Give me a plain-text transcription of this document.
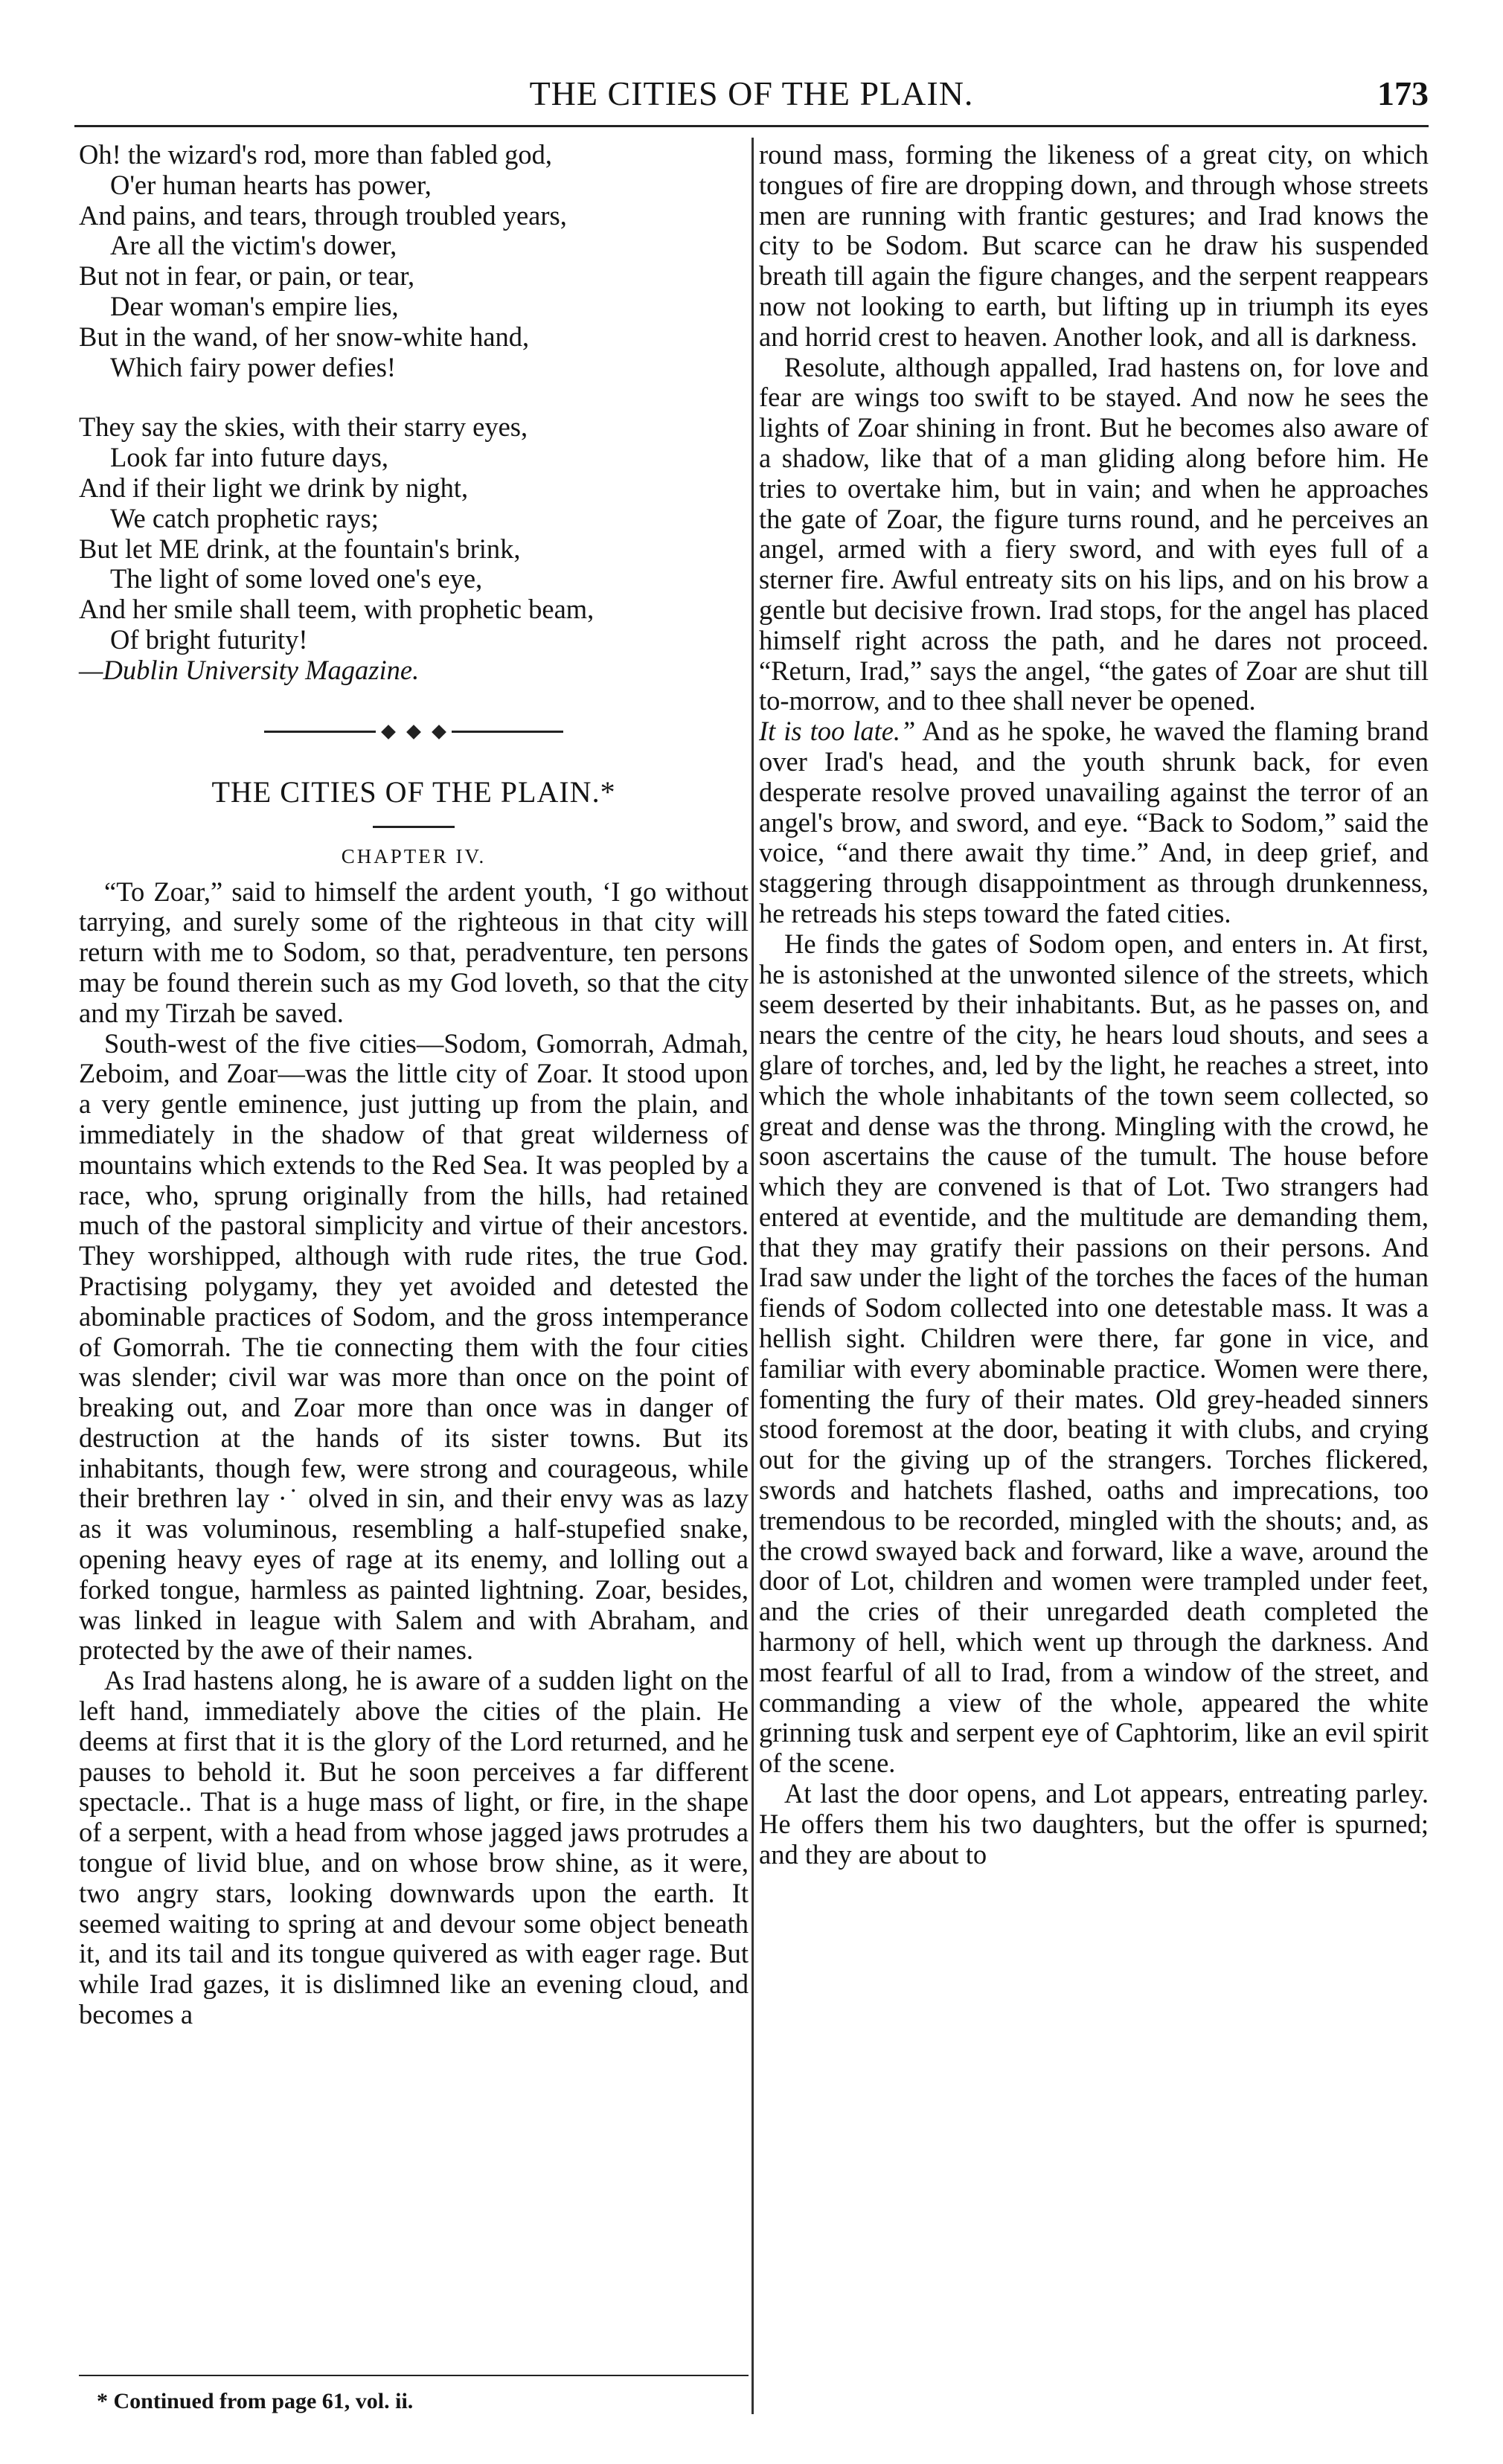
THE CITIES OF THE PLAIN.	173
Oh! the wizard's rod, more than fabled god,
O'er human hearts has power,
And pains, and tears, through troubled years,
Are all the victim's dower,
But not in fear, or pain, or tear,
Dear woman's empire lies,
But in the wand, of her snow-white hand,
Which fairy power defies!
They say the skies, with their starry eyes,
Look far into future days,
And if their light we drink by night,
We catch prophetic rays;
But let ME drink, at the fountain's brink,
The light of some loved one's eye,
And her smile shall teem, with prophetic beam,
Of bright futurity!
—Dublin University Magazine.
THE CITIES OF THE PLAIN.*
CHAPTER IV.

“To Zoar,” said to himself the ardent youth, ‘I go without tarrying, and surely some of the righteous in that city will return with me to Sodom, so that, peradventure, ten persons may be found therein such as my God loveth, so that the city and my Tirzah be saved.

South-west of the five cities—Sodom, Gomorrah, Admah, Zeboim, and Zoar—was the little city of Zoar. It stood upon a very gentle eminence, just jutting up from the plain, and immediately in the shadow of that great wilderness of mountains which extends to the Red Sea. It was peopled by a race, who, sprung originally from the hills, had retained much of the pastoral simplicity and virtue of their ancestors. They worshipped, although with rude rites, the true God. Practising polygamy, they yet avoided and detested the abominable practices of Sodom, and the gross intemperance of Gomorrah. The tie connecting them with the four cities was slender; civil war was more than once on the point of breaking out, and Zoar more than once was in danger of destruction at the hands of its sister towns. But its inhabitants, though few, were strong and courageous, while their brethren lay ·˙ olved in sin, and their envy was as lazy as it was voluminous, resembling a half-stupefied snake, opening heavy eyes of rage at its enemy, and lolling out a forked tongue, harmless as painted lightning. Zoar, besides, was linked in league with Salem and with Abraham, and protected by the awe of their names.

As Irad hastens along, he is aware of a sudden light on the left hand, immediately above the cities of the plain. He deems at first that it is the glory of the Lord returned, and he pauses to behold it. But he soon perceives a far different spectacle.. That is a huge mass of light, or fire, in the shape of a serpent, with a head from whose jagged jaws protrudes a tongue of livid blue, and on whose brow shine, as it were, two angry stars, looking downwards upon the earth. It seemed waiting to spring at and devour some object beneath it, and its tail and its tongue quivered as with eager rage. But while Irad gazes, it is dislimned like an evening cloud, and becomes a

round mass, forming the likeness of a great city, on which tongues of fire are dropping down, and through whose streets men are running with frantic gestures; and Irad knows the city to be Sodom. But scarce can he draw his suspended breath till again the figure changes, and the serpent reappears now not looking to earth, but lifting up in triumph its eyes and horrid crest to heaven. Another look, and all is darkness.

Resolute, although appalled, Irad hastens on, for love and fear are wings too swift to be stayed. And now he sees the lights of Zoar shining in front. But he becomes also aware of a shadow, like that of a man gliding along before him. He tries to overtake him, but in vain; and when he approaches the gate of Zoar, the figure turns round, and he perceives an angel, armed with a fiery sword, and with eyes full of a sterner fire. Awful entreaty sits on his lips, and on his brow a gentle but decisive frown. Irad stops, for the angel has placed himself right across the path, and he dares not proceed. “Return, Irad,” says the angel, “the gates of Zoar are shut till to-morrow, and to thee shall never be opened.

It is too late.” And as he spoke, he waved the flaming brand over Irad's head, and the youth shrunk back, for even desperate resolve proved unavailing against the terror of an angel's brow, and sword, and eye. “Back to Sodom,” said the voice, “and there await thy time.” And, in deep grief, and staggering through disappointment as through drunkenness, he retreads his steps toward the fated cities.

He finds the gates of Sodom open, and enters in. At first, he is astonished at the unwonted silence of the streets, which seem deserted by their inhabitants. But, as he passes on, and nears the centre of the city, he hears loud shouts, and sees a glare of torches, and, led by the light, he reaches a street, into which the whole inhabitants of the town seem collected, so great and dense was the throng. Mingling with the crowd, he soon ascertains the cause of the tumult. The house before which they are convened is that of Lot. Two strangers had entered at eventide, and the multitude are demanding them, that they may gratify their passions on their persons. And Irad saw under the light of the torches the faces of the human fiends of Sodom collected into one detestable mass. It was a hellish sight. Children were there, far gone in vice, and familiar with every abominable practice. Women were there, fomenting the fury of their mates. Old grey-headed sinners stood foremost at the door, beating it with clubs, and crying out for the giving up of the strangers. Torches flickered, swords and hatchets flashed, oaths and imprecations, too tremendous to be recorded, mingled with the shouts; and, as the crowd swayed back and forward, like a wave, around the door of Lot, children and women were trampled under feet, and the cries of their unregarded death completed the harmony of hell, which went up through the darkness. And most fearful of all to Irad, from a window of the street, and commanding a view of the whole, appeared the white grinning tusk and serpent eye of Caphtorim, like an evil spirit of the scene.

At last the door opens, and Lot appears, entreating parley. He offers them his two daughters, but the offer is spurned; and they are about to

* Continued from page 61, vol. ii.
